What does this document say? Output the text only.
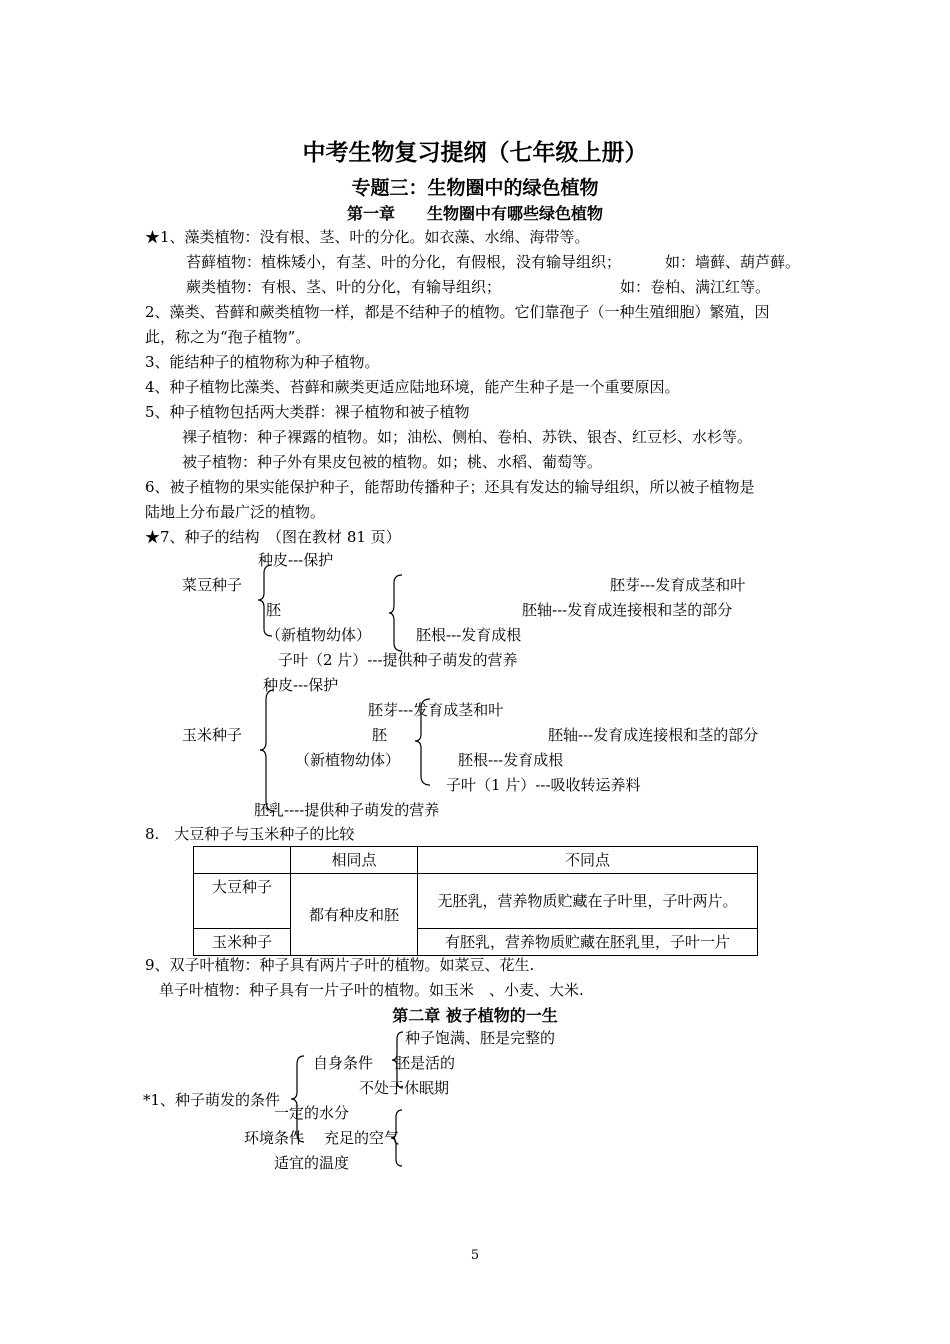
中考生物复习提纲（七年级上册）
专题三：生物圈中的绿色植物
第一章　　生物圈中有哪些绿色植物
★1、藻类植物：没有根、茎、叶的分化。如衣藻、水绵、海带等。
苔藓植物：植株矮小，有茎、叶的分化，有假根，没有输导组织；	如：墙藓、葫芦藓。
蕨类植物：有根、茎、叶的分化，有输导组织；	如：卷柏、满江红等。
2、藻类、苔藓和蕨类植物一样，都是不结种子的植物。它们靠孢子（一种生殖细胞）繁殖，因
此，称之为“孢子植物”。
3、能结种子的植物称为种子植物。
4、种子植物比藻类、苔藓和蕨类更适应陆地环境，能产生种子是一个重要原因。
5、种子植物包括两大类群：裸子植物和被子植物
裸子植物：种子裸露的植物。如；油松、侧柏、卷柏、苏铁、银杏、红豆杉、水杉等。
被子植物：种子外有果皮包被的植物。如；桃、水稻、葡萄等。
6、被子植物的果实能保护种子，能帮助传播种子；还具有发达的输导组织，所以被子植物是
陆地上分布最广泛的植物。
★7、种子的结构　（图在教材 81 页）
种皮---保护
菜豆种子	胚芽---发育成茎和叶
胚	胚轴---发育成连接根和茎的部分
（新植物幼体）	胚根---发育成根
子叶（2 片）---提供种子萌发的营养
种皮---保护
胚芽---发育成茎和叶
玉米种子	胚	胚轴---发育成连接根和茎的部分
（新植物幼体）	胚根---发育成根
子叶（1 片）---吸收转运养料
胚乳----提供种子萌发的营养
8.　大豆种子与玉米种子的比较
	相同点	不同点
大豆种子	都有种皮和胚	无胚乳，营养物质贮藏在子叶里，子叶两片。
玉米种子		有胚乳，营养物质贮藏在胚乳里，子叶一片
9、双子叶植物：种子具有两片子叶的植物。如菜豆、花生.
单子叶植物：种子具有一片子叶的植物。如玉米　、小麦、大米.
第二章 被子植物的一生
种子饱满、胚是完整的
自身条件 胚是活的
不处于休眠期
*1、种子萌发的条件
一定的水分
环境条件 充足的空气
适宜的温度
5
